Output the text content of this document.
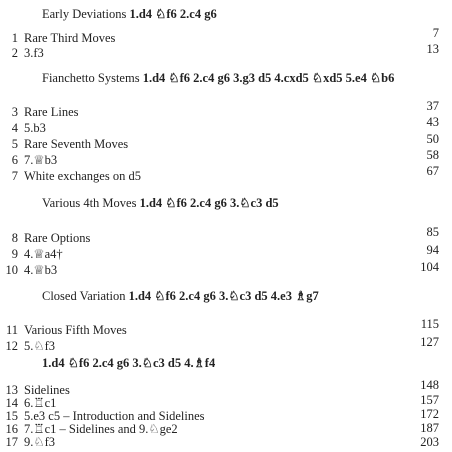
Early Deviations 1.d4 ♘f6 2.c4 g6
1 Rare Third Moves	7
2 3.f3	13
Fianchetto Systems 1.d4 ♘f6 2.c4 g6 3.g3 d5 4.cxd5 ♘xd5 5.e4 ♘b6
3 Rare Lines	37
4 5.b3	43
5 Rare Seventh Moves	50
6 7.♕b3	58
7 White exchanges on d5	67
Various 4th Moves 1.d4 ♘f6 2.c4 g6 3.♘c3 d5
8 Rare Options	85
9 4.♕a4†	94
10 4.♕b3	104
Closed Variation 1.d4 ♘f6 2.c4 g6 3.♘c3 d5 4.e3 ♗g7
11 Various Fifth Moves	115
12 5.♘f3	127
1.d4 ♘f6 2.c4 g6 3.♘c3 d5 4.♗f4
13 Sidelines	148
14 6.♖c1	157
15 5.e3 c5 – Introduction and Sidelines	172
16 7.♖c1 – Sidelines and 9.♘ge2	187
17 9.♘f3	203
